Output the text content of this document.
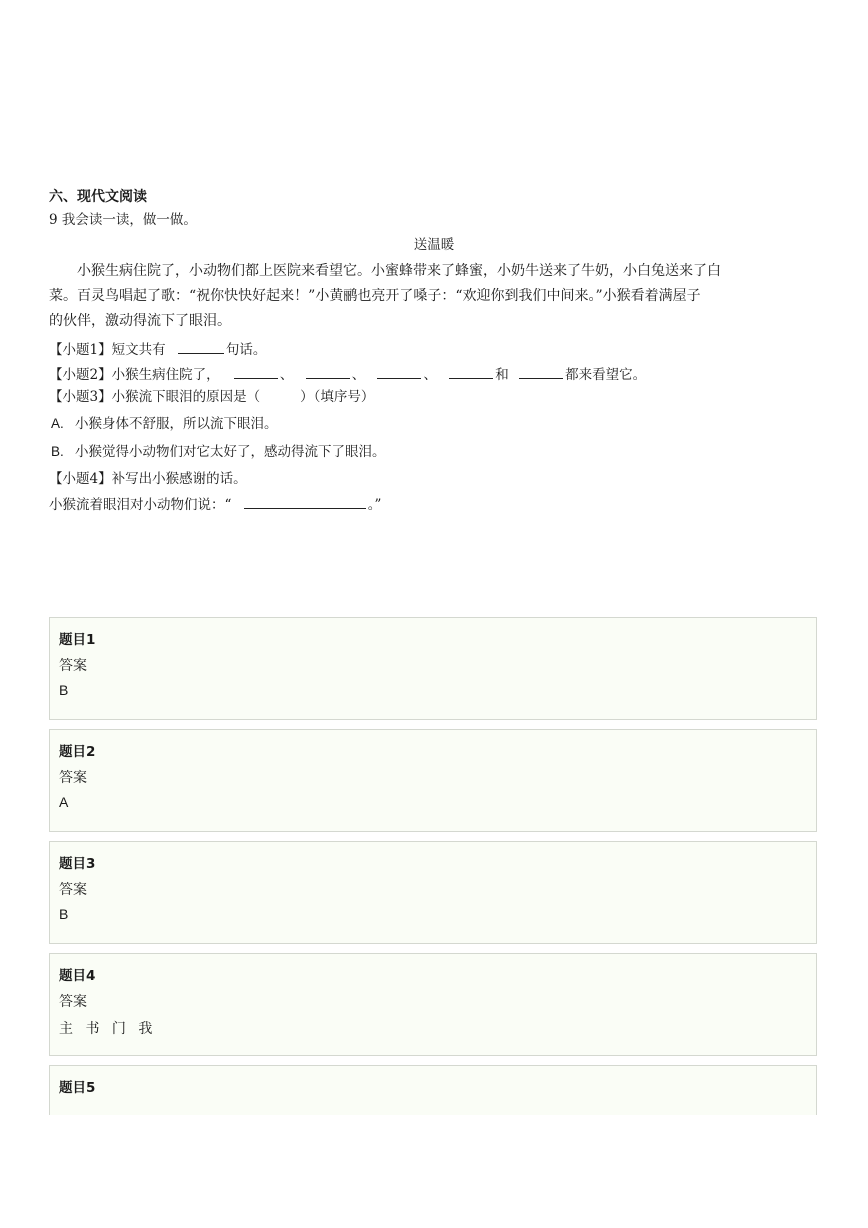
六、现代文阅读
9 我会读一读，做一做。
送温暖
小猴生病住院了，小动物们都上医院来看望它。小蜜蜂带来了蜂蜜，小奶牛送来了牛奶，小白兔送来了白
菜。百灵鸟唱起了歌：“祝你快快好起来！”小黄鹂也亮开了嗓子：“欢迎你到我们中间来。”小猴看着满屋子
的伙伴，激动得流下了眼泪。
【小题1】短文共有	句话。
【小题2】小猴生病住院了，	、	、	、	和	都来看望它。
【小题3】小猴流下眼泪的原因是（	）（填序号）
A. 小猴身体不舒服，所以流下眼泪。
B. 小猴觉得小动物们对它太好了，感动得流下了眼泪。
【小题4】补写出小猴感谢的话。
小猴流着眼泪对小动物们说：“	。”
题目1
答案
B
题目2
答案
A
题目3
答案
B
题目4
答案
主 书 门 我
题目5
